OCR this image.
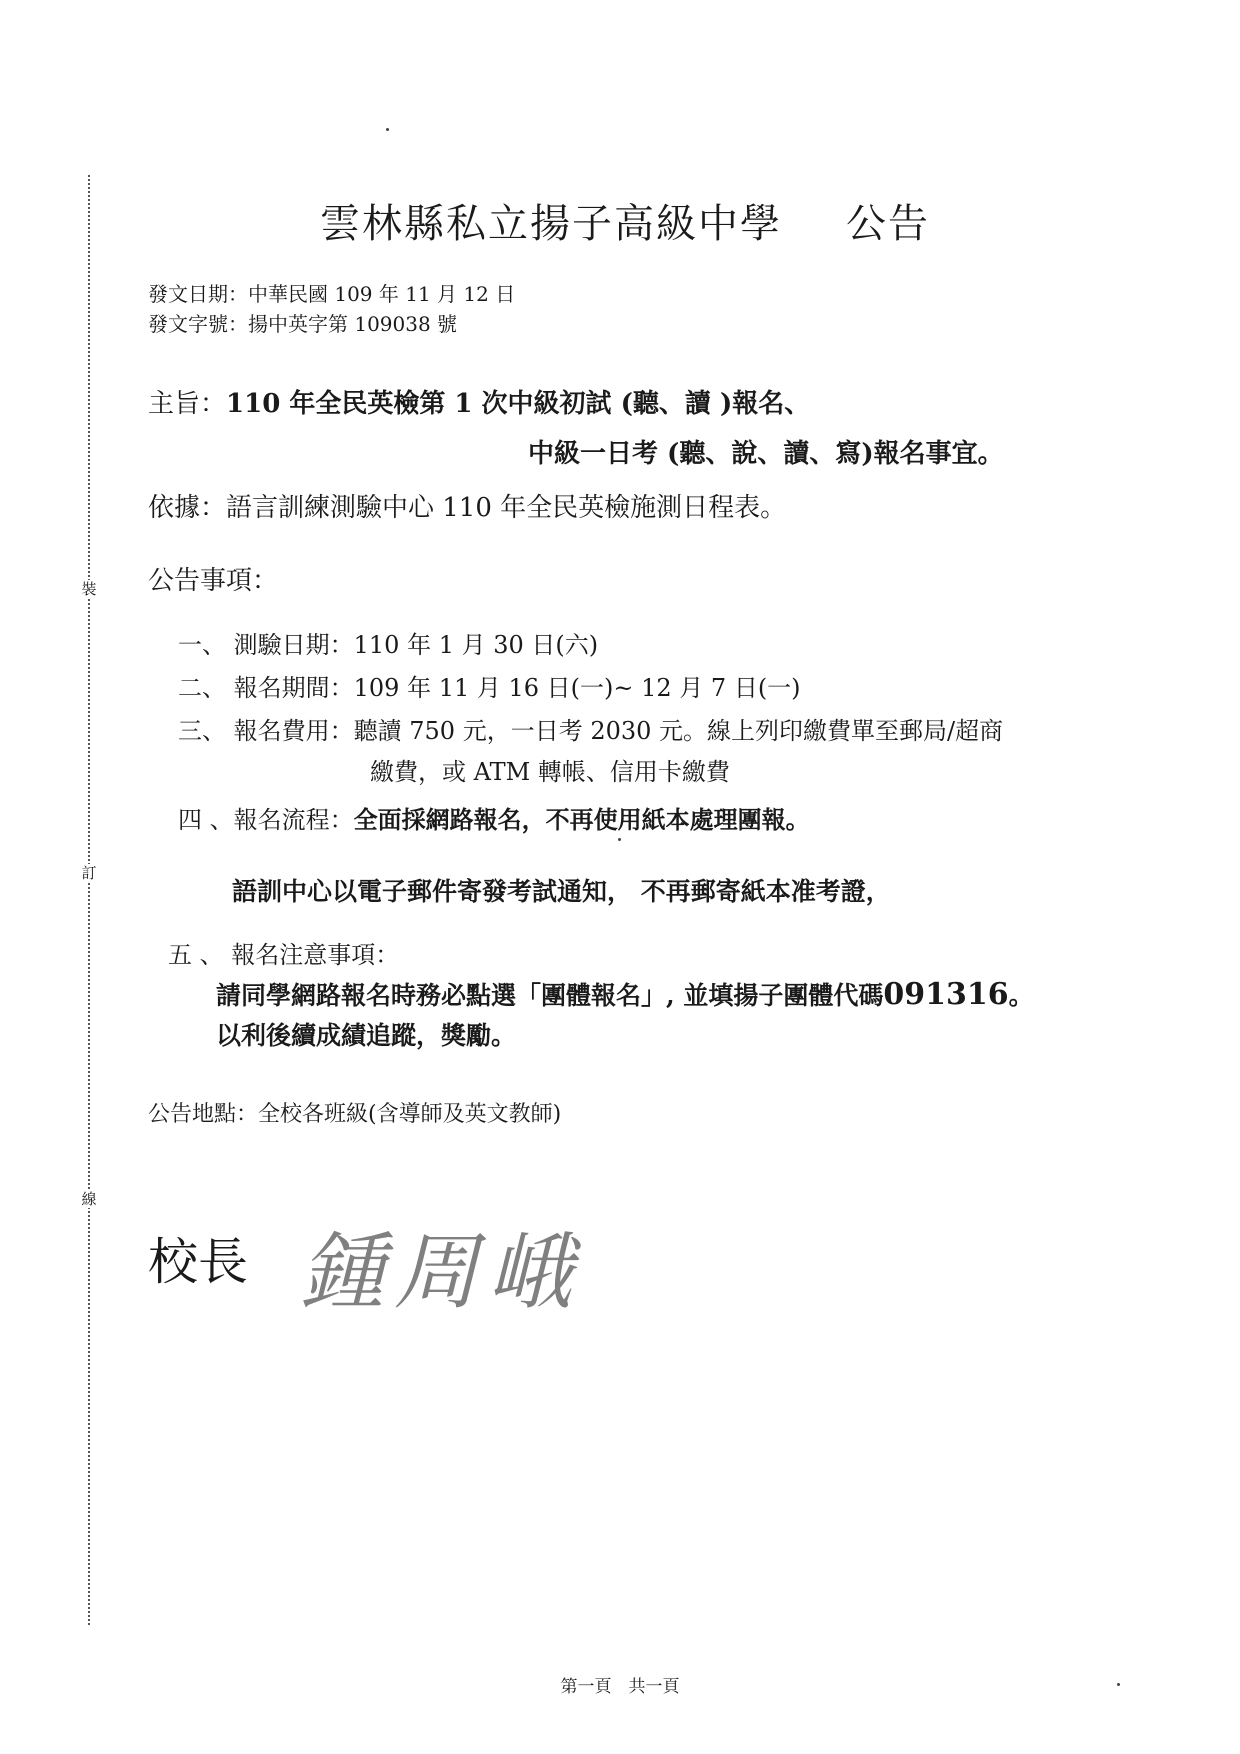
裝
訂
線
雲林縣私立揚子高級中學 公告
發文日期：中華民國 109 年 11 月 12 日
發文字號：揚中英字第 109038 號
主旨：110 年全民英檢第 1 次中級初試 (聽、讀 )報名、
中級一日考 (聽、說、讀、寫)報名事宜。
依據：語言訓練測驗中心 110 年全民英檢施測日程表。
公告事項：
一、 測驗日期：110 年 1 月 30 日(六)
二、 報名期間：109 年 11 月 16 日(一)~ 12 月 7 日(一)
三、 報名費用：聽讀 750 元，一日考 2030 元。線上列印繳費單至郵局/超商
繳費，或 ATM 轉帳、信用卡繳費
四 、報名流程：全面採網路報名，不再使用紙本處理團報。
語訓中心以電子郵件寄發考試通知， 不再郵寄紙本准考證，
五 、 報名注意事項：
請同學網路報名時務必點選「團體報名」, 並填揚子團體代碼091316。
以利後續成績追蹤，獎勵。
公告地點：全校各班級(含導師及英文教師)
校長 鍾周峨
第一頁　共一頁
